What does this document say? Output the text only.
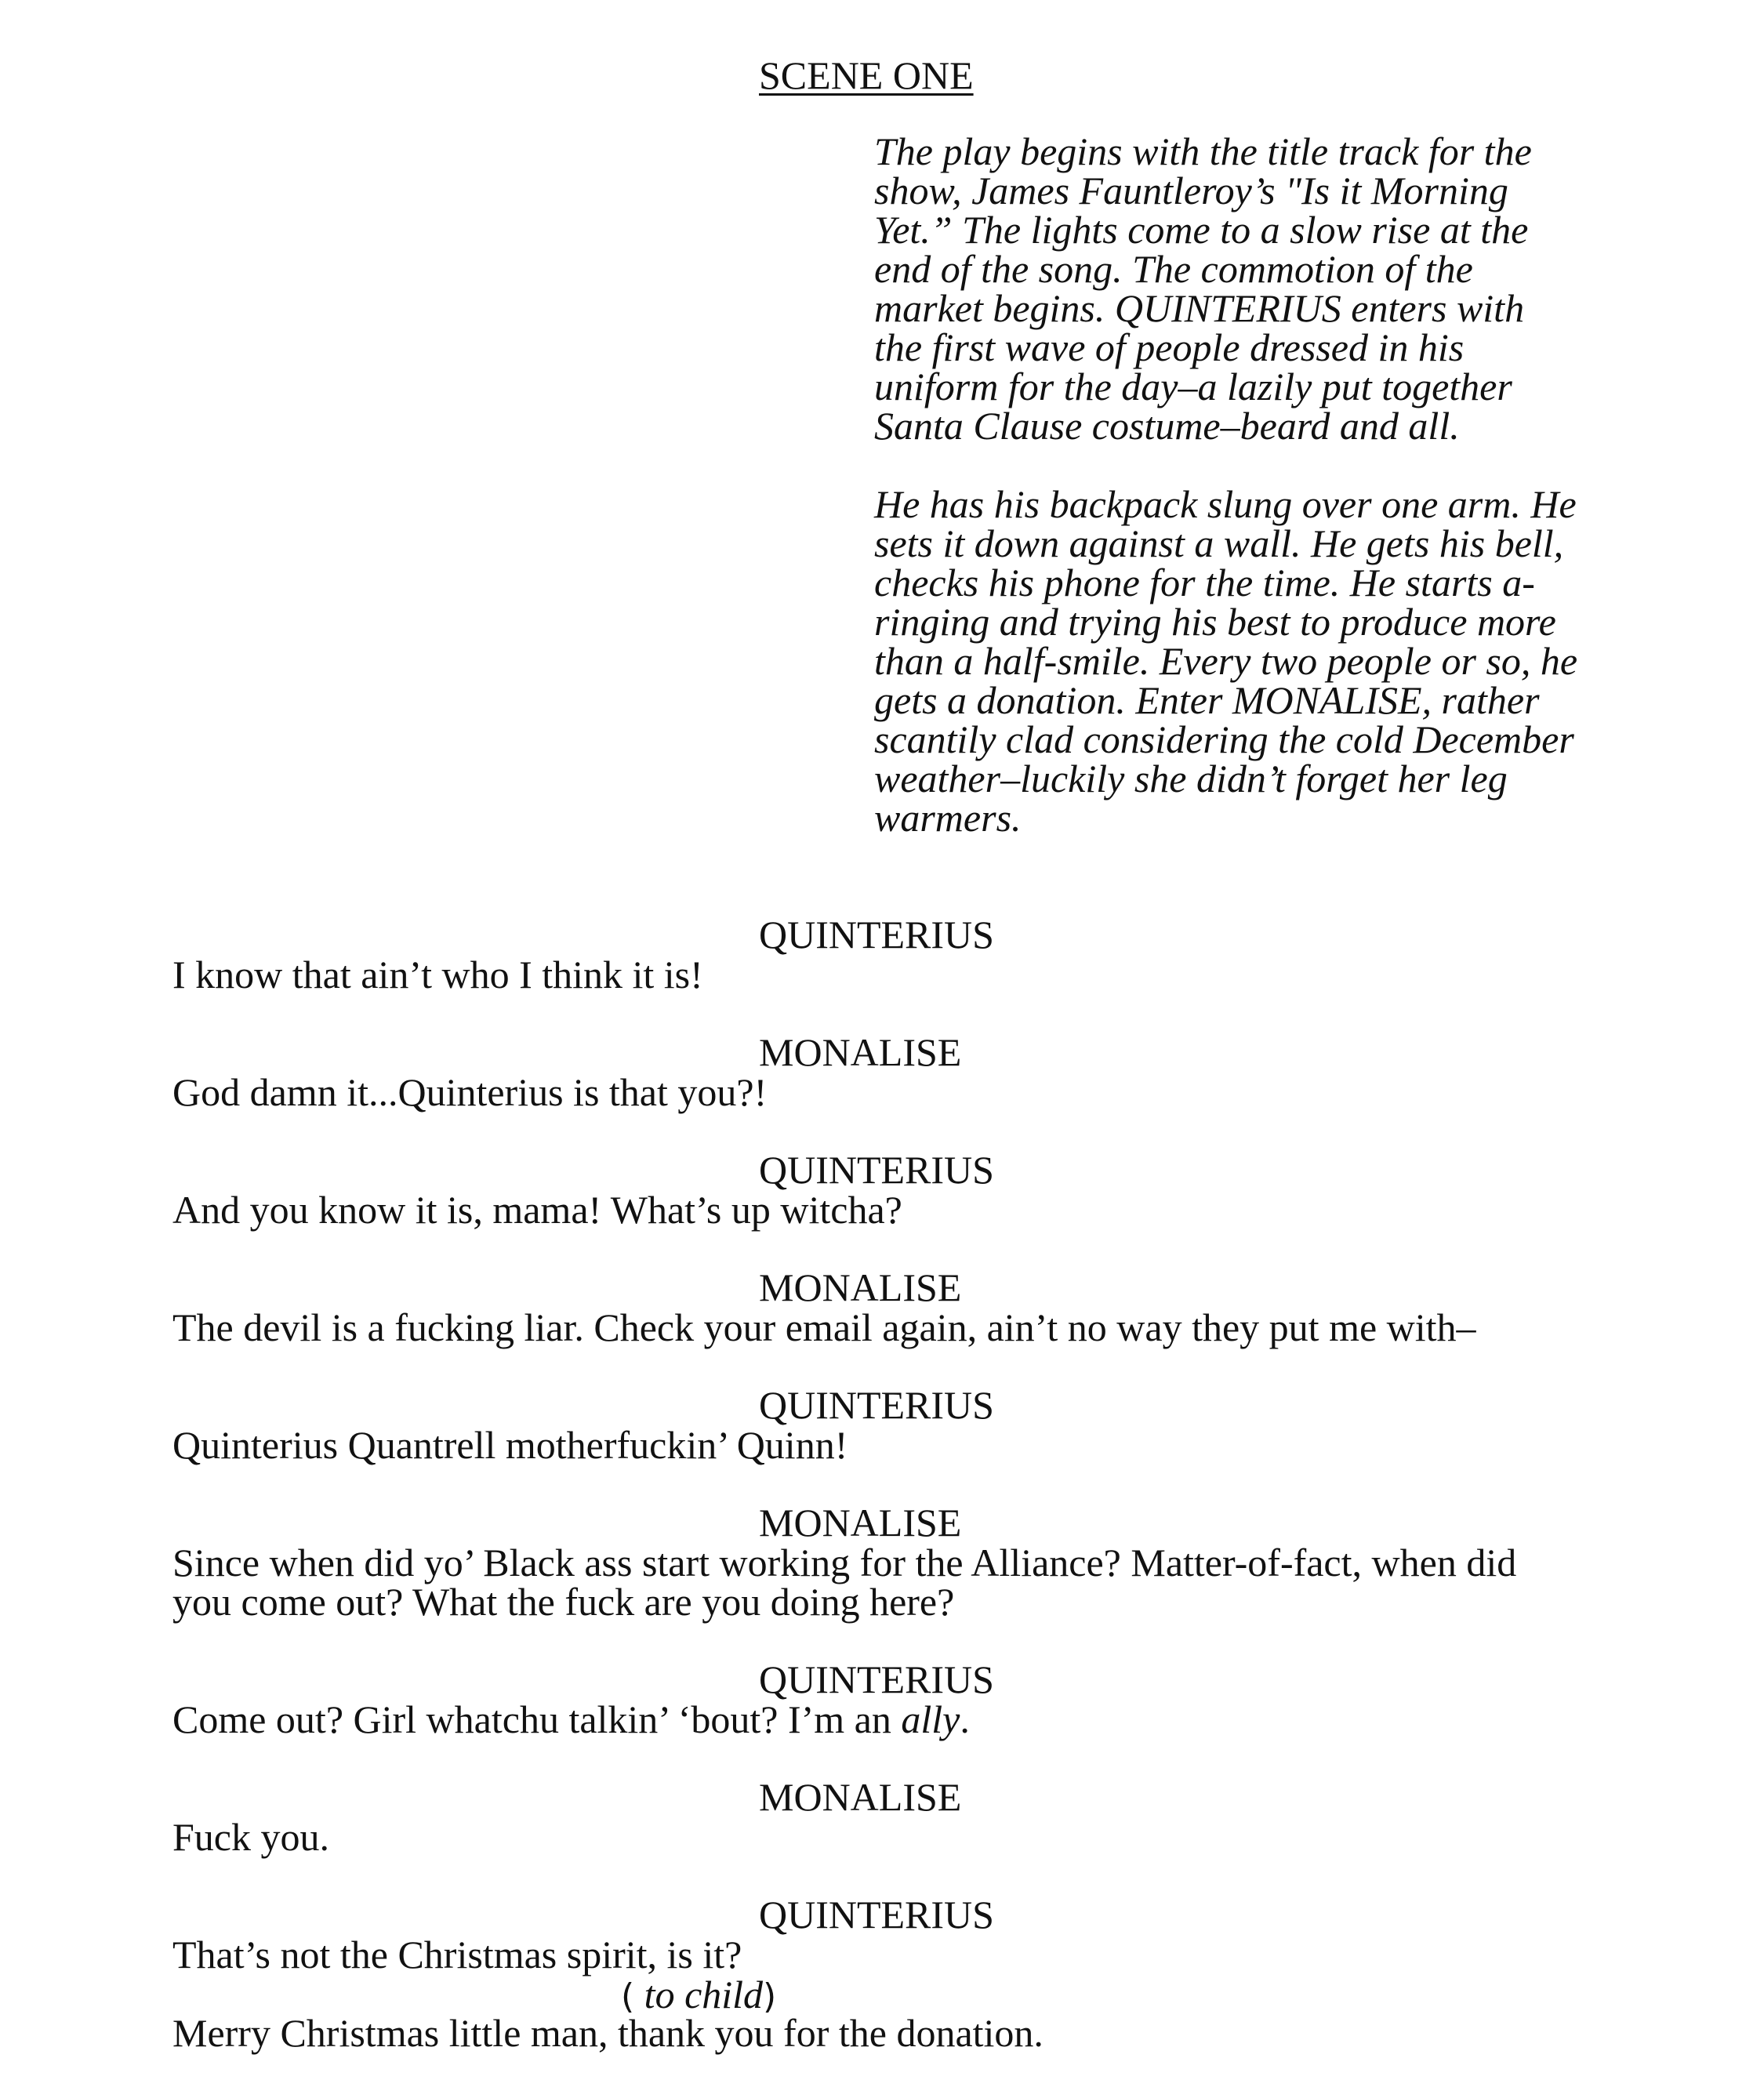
SCENE ONE

The play begins with the title track for the show, James Fauntleroy’s "Is it Morning Yet.” The lights come to a slow rise at the end of the song. The commotion of the market begins. QUINTERIUS enters with the first wave of people dressed in his uniform for the day–a lazily put together Santa Clause costume–beard and all.

He has his backpack slung over one arm. He sets it down against a wall. He gets his bell, checks his phone for the time. He starts a-ringing and trying his best to produce more than a half-smile. Every two people or so, he gets a donation. Enter MONALISE, rather scantily clad considering the cold December weather–luckily she didn’t forget her leg warmers.

QUINTERIUS

I know that ain’t who I think it is!

MONALISE

God damn it...Quinterius is that you?!

QUINTERIUS

And you know it is, mama! What’s up witcha?

MONALISE

The devil is a fucking liar. Check your email again, ain’t no way they put me with–

QUINTERIUS

Quinterius Quantrell motherfuckin’ Quinn!

MONALISE

Since when did yo’ Black ass start working for the Alliance? Matter-of-fact, when did you come out? What the fuck are you doing here?

QUINTERIUS

Come out? Girl whatchu talkin’ ‘bout? I’m an ally.

MONALISE

Fuck you.

QUINTERIUS

That’s not the Christmas spirit, is it?

( to child)

Merry Christmas little man, thank you for the donation.
